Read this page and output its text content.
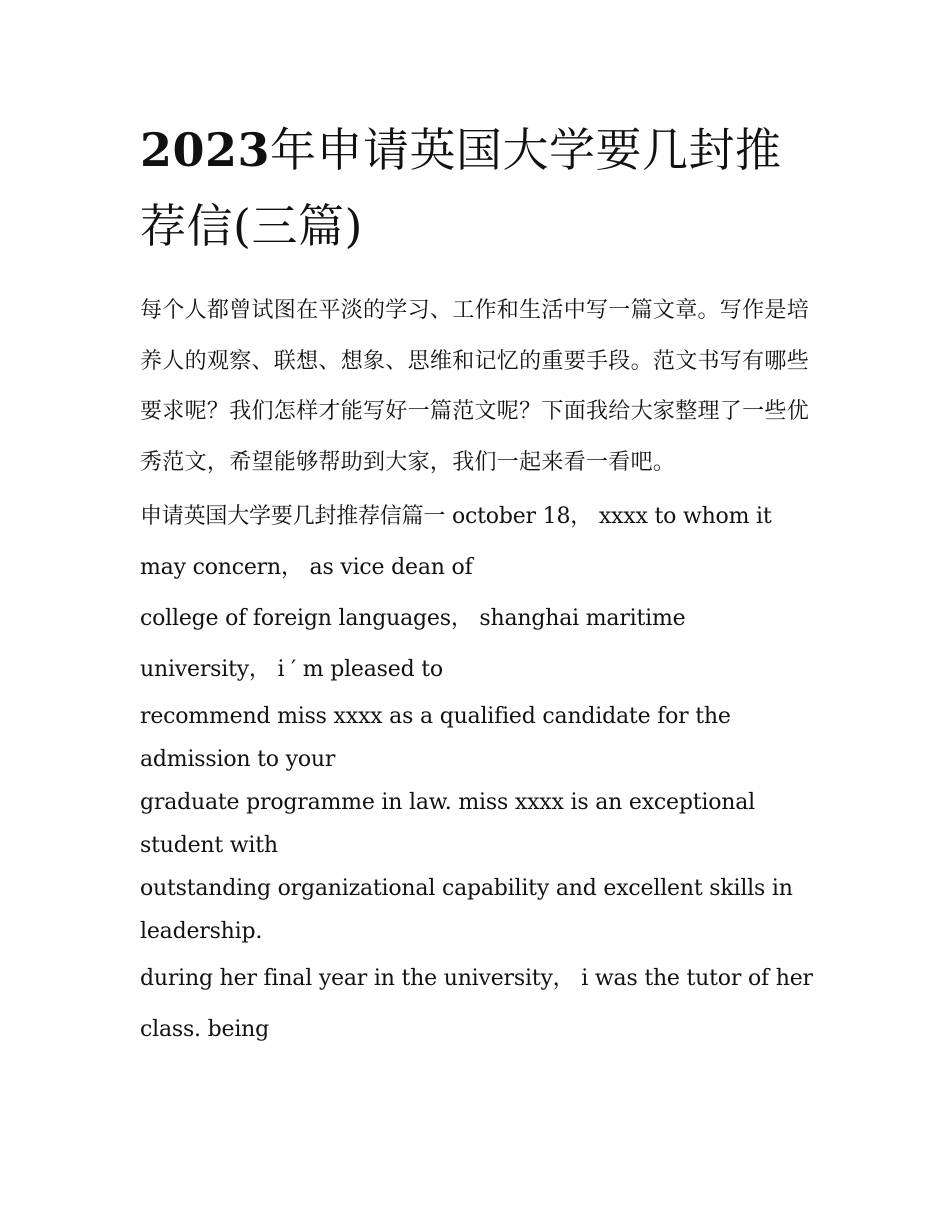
2023年申请英国大学要几封推荐信(三篇)

每个人都曾试图在平淡的学习、工作和生活中写一篇文章。写作是培养人的观察、联想、想象、思维和记忆的重要手段。范文书写有哪些要求呢？我们怎样才能写好一篇范文呢？下面我给大家整理了一些优秀范文，希望能够帮助到大家，我们一起来看一看吧。

申请英国大学要几封推荐信篇一 october 18， xxxx to whom it may concern， as vice dean of

college of foreign languages， shanghai maritime university， i ′ m pleased to

recommend miss xxxx as a qualified candidate for the admission to your

graduate programme in law. miss xxxx is an exceptional student with

outstanding organizational capability and excellent skills in leadership.

during her final year in the university， i was the tutor of her class. being
